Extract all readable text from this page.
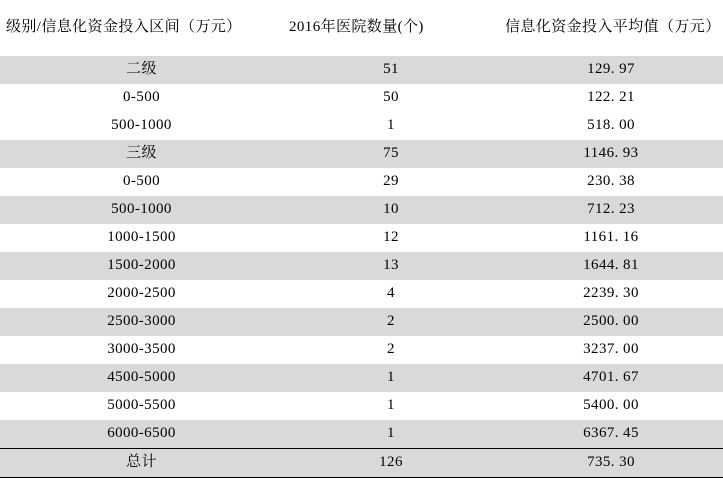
级别/信息化资金投入区间（万元）	2016年医院数量(个)	信息化资金投入平均值（万元）
二级	51	129. 97
0-500	50	122. 21
500-1000	1	518. 00
三级	75	1146. 93
0-500	29	230. 38
500-1000	10	712. 23
1000-1500	12	1161. 16
1500-2000	13	1644. 81
2000-2500	4	2239. 30
2500-3000	2	2500. 00
3000-3500	2	3237. 00
4500-5000	1	4701. 67
5000-5500	1	5400. 00
6000-6500	1	6367. 45
总计	126	735. 30
